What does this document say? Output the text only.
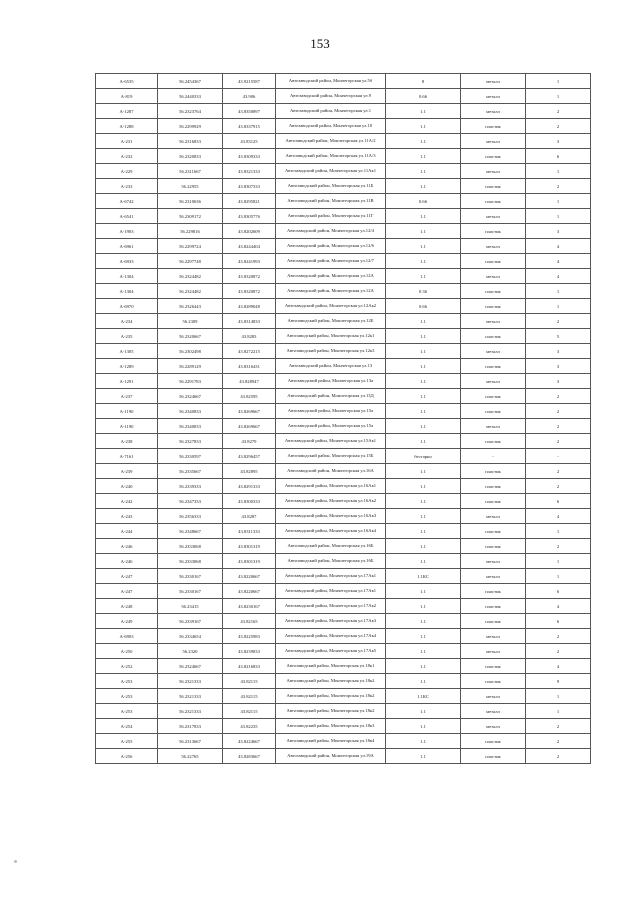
153
А-6535	56.2454367	43.9215587	Автозаводский район, Мончегорская ул.5б	8	металл	1
А-819	56.2440333	43.906	Автозаводский район, Мончегорская ул.9	0.66	металл	1
А-1287	56.2323764	43.8350897	Автозаводский район, Мончегорская ул.1	1.1	металл	2
А-1288	56.2299929	43.8337915	Автозаводский район, Мончегорская ул.10	1.1	пластик	2
А-231	56.2316833	43.83125	Автозаводский район, Мончегорская ул.11А/2	1.1	металл	3
А-232	56.2320833	43.8309333	Автозаводский район, Мончегорская ул.11А/3	1.1	пластик	6
А-229	56.2311667	43.8321333	Автозаводский район, Мончегорская ул.11Ак1	1.1	металл	1
А-233	56.22955	43.8307333	Автозаводский район, Мончегорская ул.11Б	1.1	пластик	2
А-6742	56.2310636	43.8295821	Автозаводский район, Мончегорская ул.11В	0.66	пластик	1
А-6541	56.2309172	43.8305776	Автозаводский район, Мончегорская ул.11Г	1.1	металл	1
А-1903	56.229816	43.8202609	Автозаводский район, Мончегорская ул.12/4	1.1	пластик	3
А-6961	56.2299724	43.8244404	Автозаводский район, Мончегорская ул.12/6	1.1	металл	4
А-6933	56.2297748	43.8241993	Автозаводский район, Мончегорская ул.12/7	1.1	пластик	4
А-1304	56.2324482	43.8320872	Автозаводский район, Мончегорская ул.12А	1.1	металл	4
А-1304	56.2324482	43.8320872	Автозаводский район, Мончегорская ул.12А	0.36	пластик	1
А-6970	56.2326443	43.8289048	Автозаводский район, Мончегорская ул.12Ак2	0.66	пластик	1
А-234	56.2309	43.8314833	Автозаводский район, Мончегорская ул.12Б	1.1	металл	2
А-235	56.2320667	43.8283	Автозаводский район, Мончегорская ул.12к1	1.1	пластик	5
А-1305	56.2302498	43.8272215	Автозаводский район, Мончегорская ул.12к3	1.1	металл	3
А-1289	56.2289129	43.8316431	Автозаводский район, Мончегорская ул.13	1.1	пластик	3
А-1291	56.2291783	43.828947	Автозаводский район, Мончегорская ул.13а	1.1	металл	3
А-237	56.2324667	43.82595	Автозаводский район, Мончегорская ул.13Д	1.1	пластик	2
А-1190	56.2340833	43.8269667	Автозаводский район, Мончегорская ул.15а	1.1	пластик	2
А-1190	56.2340833	43.8269667	Автозаводский район, Мончегорская ул.15а	1.1	металл	2
А-238	56.2327833	43.8279	Автозаводский район, Мончегорская ул.15Ак1	1.1	пластик	2
А-7161	56.2330597	43.8296457	Автозаводский район, Мончегорская ул.15Б	бестарно	-	-
А-239	56.2335667	43.82895	Автозаводский район, Мончегорская ул.16А	1.1	пластик	2
А-240	56.2339333	43.8291333	Автозаводский район, Мончегорская ул.16Ак1	1.1	пластик	2
А-242	56.2347333	43.8300333	Автозаводский район, Мончегорская ул.16Ак2	1.1	пластик	6
А-243	56.2356333	43.8287	Автозаводский район, Мончегорская ул.16Ак3	1.1	металл	4
А-244	56.2348667	43.8311333	Автозаводский район, Мончегорская ул.16Ак4	1.1	пластик	1
А-246	56.2333068	43.8301319	Автозаводский район, Мончегорская ул.16Б	1.1	пластик	2
А-246	56.2333068	43.8301319	Автозаводский район, Мончегорская ул.16Б	1.1	металл	1
А-247	56.2330167	43.8220667	Автозаводский район, Мончегорская ул.17Ак1	1.1КС	металл	1
А-247	56.2330167	43.8220667	Автозаводский район, Мончегорская ул.17Ак1	1.1	пластик	6
А-248	56.23415	43.8230167	Автозаводский район, Мончегорская ул.17Ак2	1.1	пластик	4
А-249	56.2339167	43.82165	Автозаводский район, Мончегорская ул.17Ак3	1.1	пластик	6
А-6903	56.2334654	43.8225983	Автозаводский район, Мончегорская ул.17Ак4	1.1	металл	2
А-250	56.2320	43.8239833	Автозаводский район, Мончегорская ул.17Ак5	1.1	металл	2
А-252	56.2324667	43.8216833	Автозаводский район, Мончегорская ул.18к1	1.1	пластик	4
А-253	56.2321333	43.82115	Автозаводский район, Мончегорская ул.18к2	1.1	пластик	9
А-253	56.2321333	43.82115	Автозаводский район, Мончегорская ул.18к2	1.1КС	металл	1
А-253	56.2321333	43.82115	Автозаводский район, Мончегорская ул.18к2	1.1	металл	1
А-254	56.2317833	43.82235	Автозаводский район, Мончегорская ул.18к3	1.1	металл	2
А-255	56.2313667	43.8224667	Автозаводский район, Мончегорская ул.18к4	1.1	пластик	2
А-256	56.22765	43.8283667	Автозаводский район, Мончегорская ул.19А	1.1	пластик	2
